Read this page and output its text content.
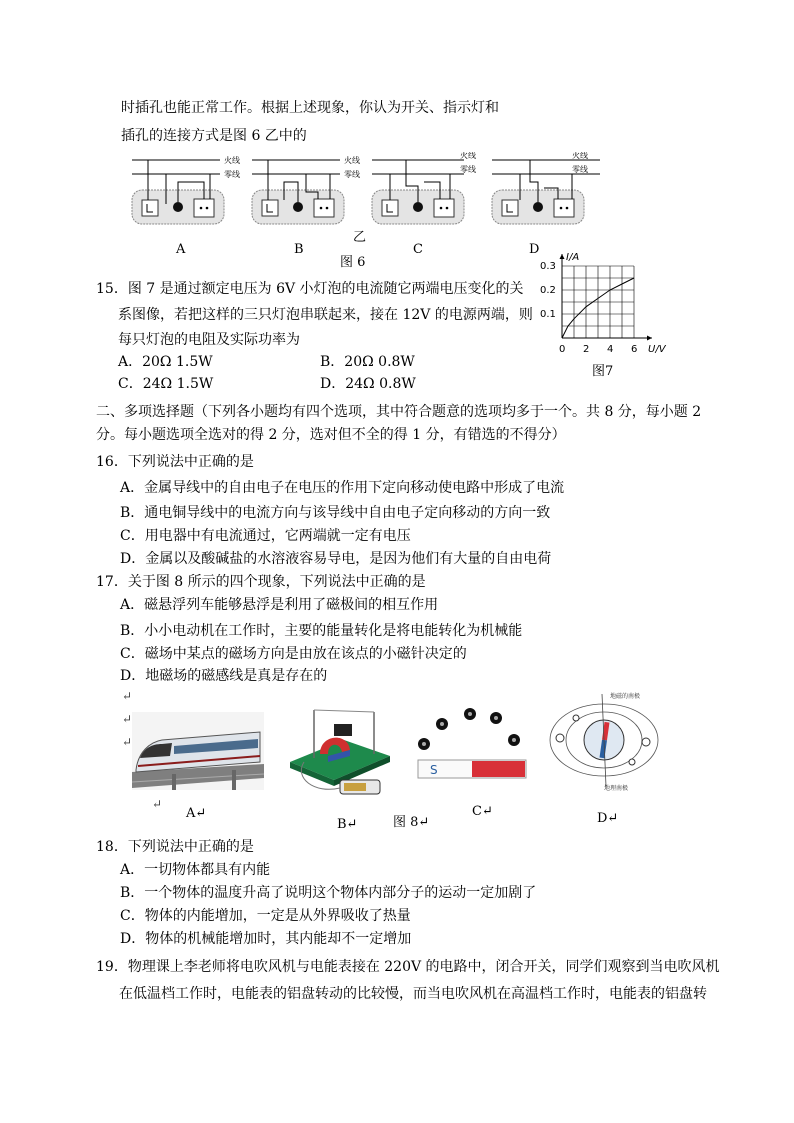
时插孔也能正常工作。根据上述现象，你认为开关、指示灯和
插孔的连接方式是图 6 乙中的
火线
零线
火线
零线
火线
零线
火线
零线
乙
A	B	C	D
图 6
15．图 7 是通过额定电压为 6V 小灯泡的电流随它两端电压变化的关
系图像，若把这样的三只灯泡串联起来，接在 12V 的电源两端，则
每只灯泡的电阻及实际功率为
A．20Ω 1.5W	B．20Ω 0.8W
C．24Ω 1.5W	D．24Ω 0.8W
0 2 4 6
0.1
0.2
0.3
I/A
U/V
图7
二、多项选择题（下列各小题均有四个选项，其中符合题意的选项均多于一个。共 8 分，每小题 2
分。每小题选项全选对的得 2 分，选对但不全的得 1 分，有错选的不得分）
16．下列说法中正确的是
A．金属导线中的自由电子在电压的作用下定向移动使电路中形成了电流
B．通电铜导线中的电流方向与该导线中自由电子定向移动的方向一致
C．用电器中有电流通过，它两端就一定有电压
D．金属以及酸碱盐的水溶液容易导电，是因为他们有大量的自由电荷
17．关于图 8 所示的四个现象，下列说法中正确的是
A．磁悬浮列车能够悬浮是利用了磁极间的相互作用
B．小小电动机在工作时，主要的能量转化是将电能转化为机械能
C．磁场中某点的磁场方向是由放在该点的小磁针决定的
D．地磁场的磁感线是真是存在的
↵
↵
↵
↵
S
地磁的南极
地理南极
A↵
B↵	图 8↵
C↵	D↵
18．下列说法中正确的是
A．一切物体都具有内能
B．一个物体的温度升高了说明这个物体内部分子的运动一定加剧了
C．物体的内能增加，一定是从外界吸收了热量
D．物体的机械能增加时，其内能却不一定增加
19．物理课上李老师将电吹风机与电能表接在 220V 的电路中，闭合开关，同学们观察到当电吹风机
在低温档工作时，电能表的铝盘转动的比较慢，而当电吹风机在高温档工作时，电能表的铝盘转
